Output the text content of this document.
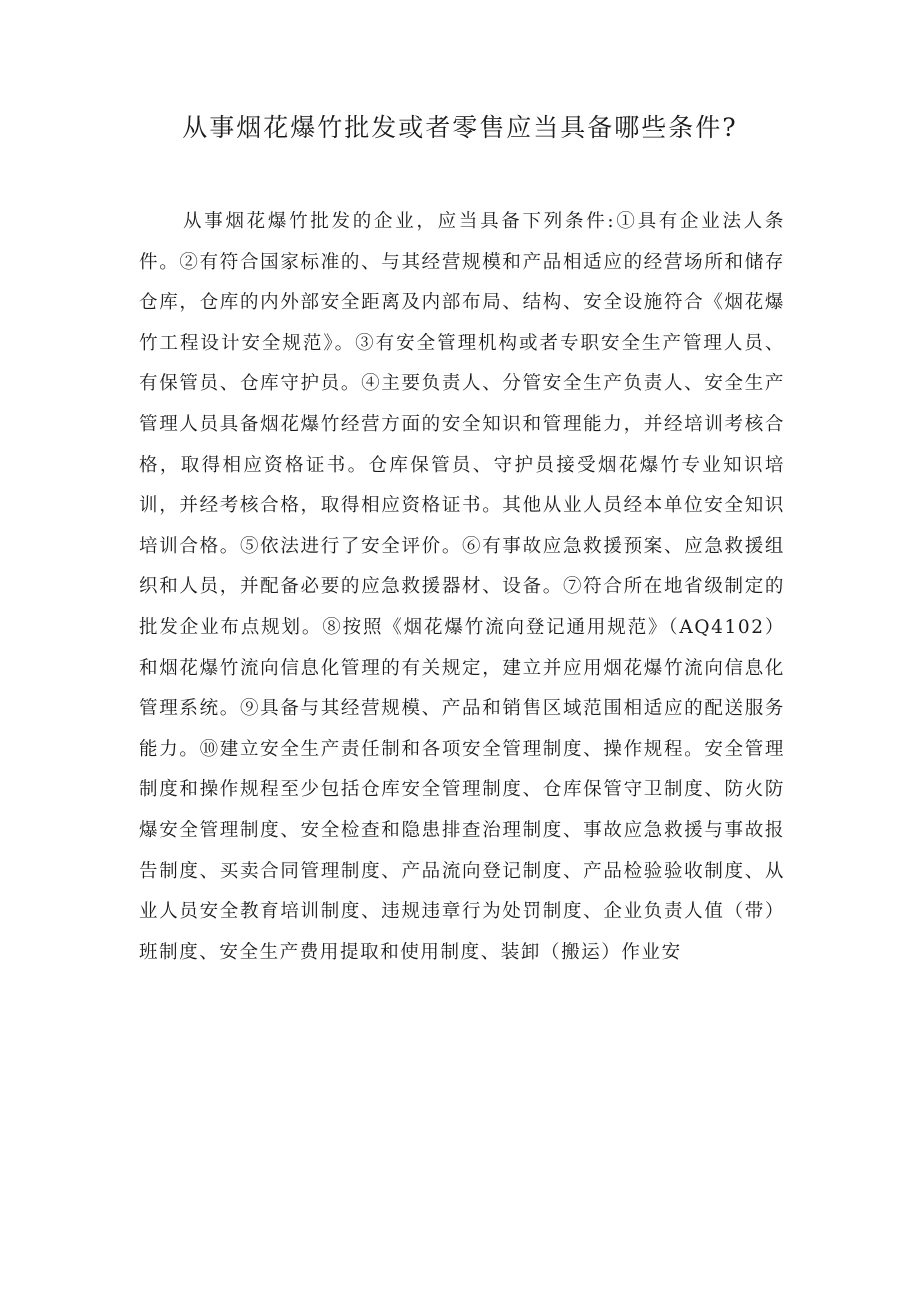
从事烟花爆竹批发或者零售应当具备哪些条件?

从事烟花爆竹批发的企业，应当具备下列条件:①具有企业法人条件。②有符合国家标准的、与其经营规模和产品相适应的经营场所和储存仓库，仓库的内外部安全距离及内部布局、结构、安全设施符合《烟花爆竹工程设计安全规范》。③有安全管理机构或者专职安全生产管理人员、有保管员、仓库守护员。④主要负责人、分管安全生产负责人、安全生产管理人员具备烟花爆竹经营方面的安全知识和管理能力，并经培训考核合格，取得相应资格证书。仓库保管员、守护员接受烟花爆竹专业知识培训，并经考核合格，取得相应资格证书。其他从业人员经本单位安全知识培训合格。⑤依法进行了安全评价。⑥有事故应急救援预案、应急救援组织和人员，并配备必要的应急救援器材、设备。⑦符合所在地省级制定的批发企业布点规划。⑧按照《烟花爆竹流向登记通用规范》（AQ4102）和烟花爆竹流向信息化管理的有关规定，建立并应用烟花爆竹流向信息化管理系统。⑨具备与其经营规模、产品和销售区域范围相适应的配送服务能力。⑩建立安全生产责任制和各项安全管理制度、操作规程。安全管理制度和操作规程至少包括仓库安全管理制度、仓库保管守卫制度、防火防爆安全管理制度、安全检查和隐患排查治理制度、事故应急救援与事故报告制度、买卖合同管理制度、产品流向登记制度、产品检验验收制度、从业人员安全教育培训制度、违规违章行为处罚制度、企业负责人值（带）班制度、安全生产费用提取和使用制度、装卸（搬运）作业安
